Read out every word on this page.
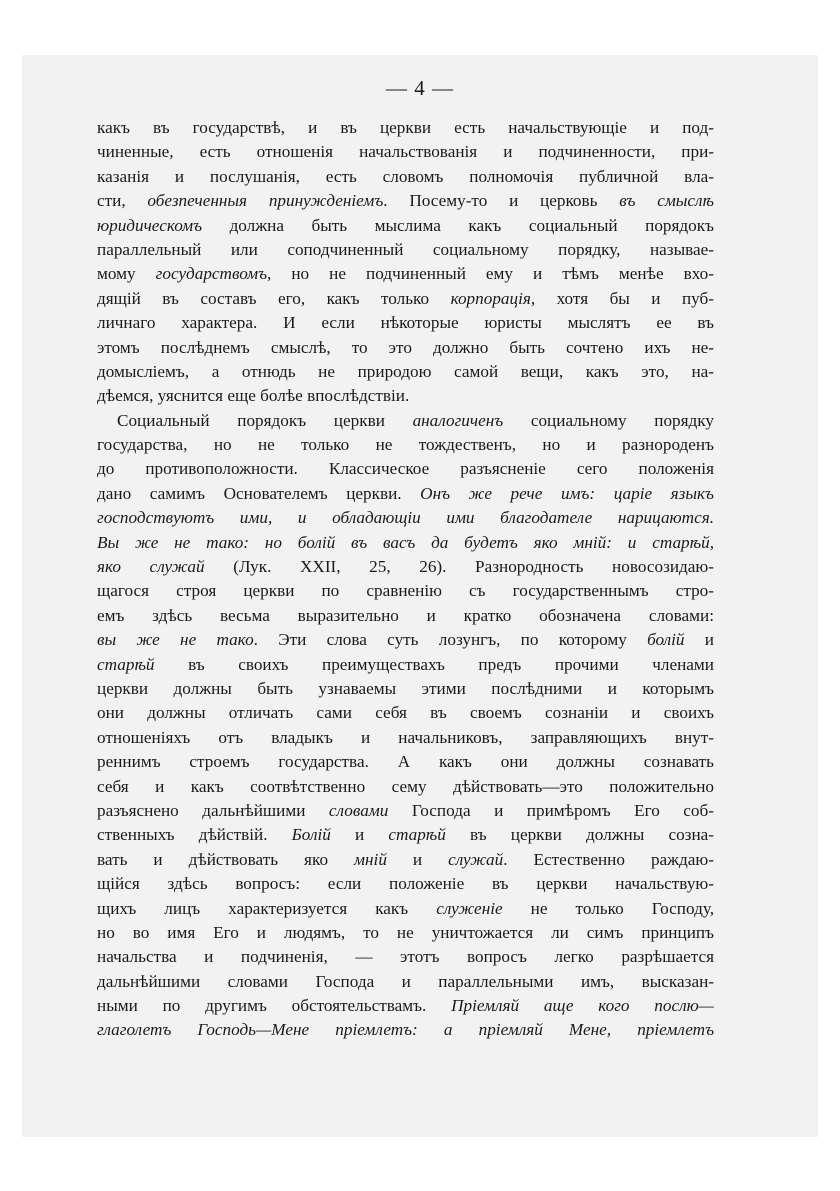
— 4 —
какъ въ государствѣ, и въ церкви есть начальствующіе и под-
чиненные, есть отношенія начальствованія и подчиненности, при-
казанія и послушанія, есть словомъ полномочія публичной вла-
сти, обезпеченныя принужденіемъ. Посему-то и церковь въ смыслѣ
юридическомъ должна быть мыслима какъ социальный порядокъ
параллельный или соподчиненный социальному порядку, называе-
мому государствомъ, но не подчиненный ему и тѣмъ менѣе вхо-
дящій въ составъ его, какъ только корпорація, хотя бы и пуб-
личнаго характера. И если нѣкоторые юристы мыслятъ ее въ
этомъ послѣднемъ смыслѣ, то это должно быть сочтено ихъ не-
домысліемъ, а отнюдь не природою самой вещи, какъ это, на-
дѣемся, уяснится еще болѣе впослѣдствіи.
Социальный порядокъ церкви аналогиченъ социальному порядку
государства, но не только не тождественъ, но и разнороденъ
до противоположности. Классическое разъясненіе сего положенія
дано самимъ Основателемъ церкви. Онъ же рече имъ: царіе языкъ
господствуютъ ими, и обладающіи ими благодателе нарицаются.
Вы же не тако: но болій въ васъ да будетъ яко мній: и старѣй,
яко служай (Лук. XXII, 25, 26). Разнородность новосозидаю-
щагося строя церкви по сравненію съ государственнымъ стро-
емъ здѣсь весьма выразительно и кратко обозначена словами:
вы же не тако. Эти слова суть лозунгъ, по которому болій и
старѣй въ своихъ преимуществахъ предъ прочими членами
церкви должны быть узнаваемы этими послѣдними и которымъ
они должны отличать сами себя въ своемъ сознаніи и своихъ
отношеніяхъ отъ владыкъ и начальниковъ, заправляющихъ внут-
реннимъ строемъ государства. А какъ они должны сознавать
себя и какъ соотвѣтственно сему дѣйствовать—это положительно
разъяснено дальнѣйшими словами Господа и примѣромъ Его соб-
ственныхъ дѣйствій. Болій и старѣй въ церкви должны созна-
вать и дѣйствовать яко мній и служай. Естественно раждаю-
щійся здѣсь вопросъ: если положеніе въ церкви начальствую-
щихъ лицъ характеризуется какъ служеніе не только Господу,
но во имя Его и людямъ, то не уничтожается ли симъ принципъ
начальства и подчиненія, — этотъ вопросъ легко разрѣшается
дальнѣйшими словами Господа и параллельными имъ, высказан-
ными по другимъ обстоятельствамъ. Пріемляй аще кого послю—
глаголетъ Господь—Мене пріемлетъ: а пріемляй Мене, пріемлетъ
